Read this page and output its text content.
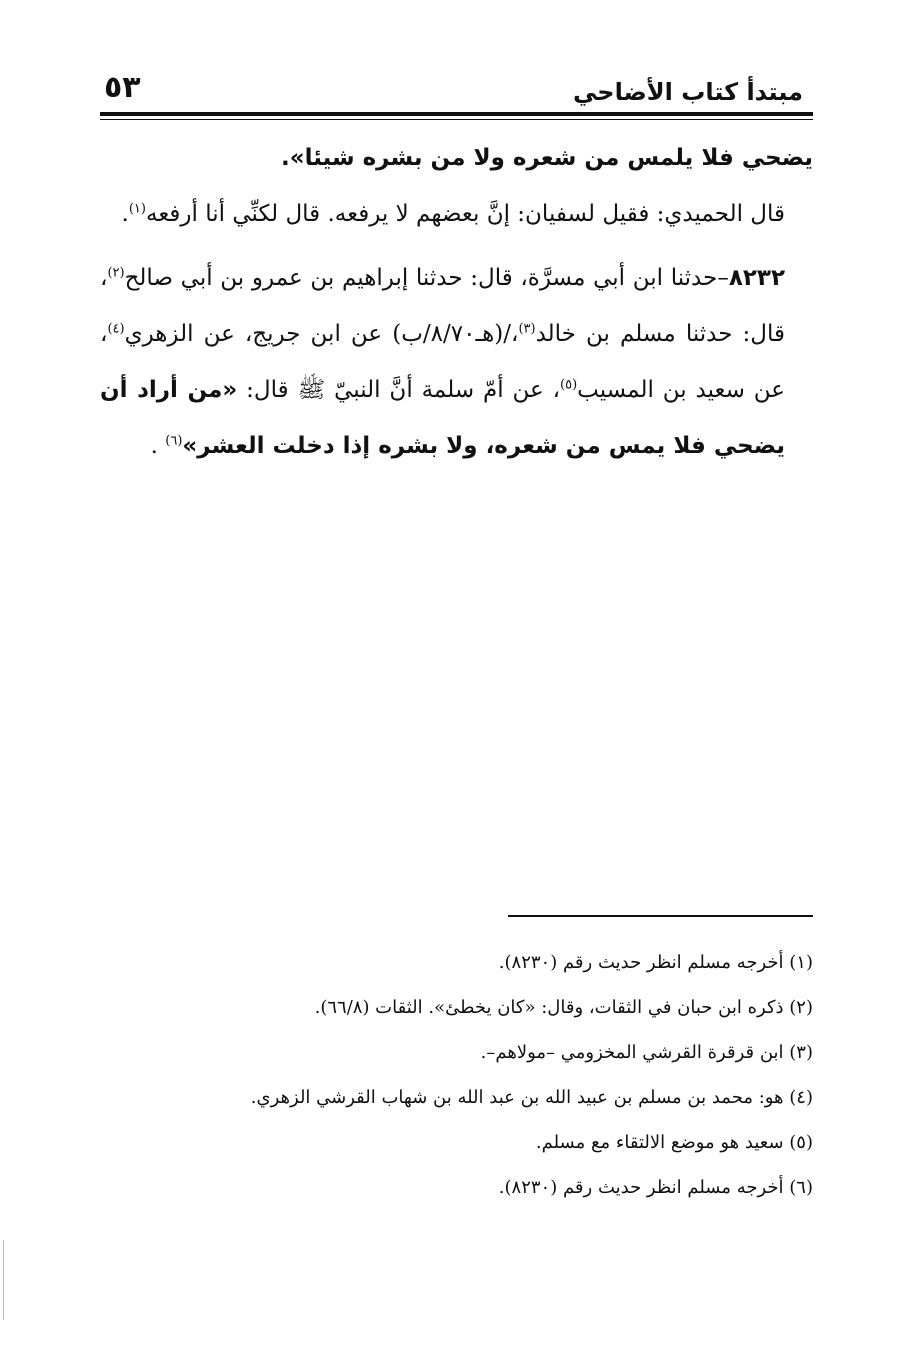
٥٣	مبتدأ كتاب الأضاحي

يضحي فلا يلمس من شعره ولا من بشره شيئا».

قال الحميدي: فقيل لسفيان: إنَّ بعضهم لا يرفعه. قال لكنِّي أنا أرفعه$^{(١)}$.

٨٢٣٢–حدثنا ابن أبي مسرَّة، قال: حدثنا إبراهيم بن عمرو بن أبي صالح$^{(٢)}$، قال: حدثنا مسلم بن خالد$^{(٣)}$،/(هـ٨/٧٠/ب) عن ابن جريج، عن الزهري$^{(٤)}$، عن سعيد بن المسيب$^{(٥)}$، عن أمّ سلمة أنَّ النبيّ ﷺ قال: «من أراد أن يضحي فلا يمس من شعره، ولا بشره إذا دخلت العشر»$^{(٦)}$ .

(١) أخرجه مسلم انظر حديث رقم (٨٢٣٠).
(٢) ذكره ابن حبان في الثقات، وقال: «كان يخطئ». الثقات (٦٦/٨).
(٣) ابن قرقرة القرشي المخزومي –مولاهم–.
(٤) هو: محمد بن مسلم بن عبيد الله بن عبد الله بن شهاب القرشي الزهري.
(٥) سعيد هو موضع الالتقاء مع مسلم.
(٦) أخرجه مسلم انظر حديث رقم (٨٢٣٠).
